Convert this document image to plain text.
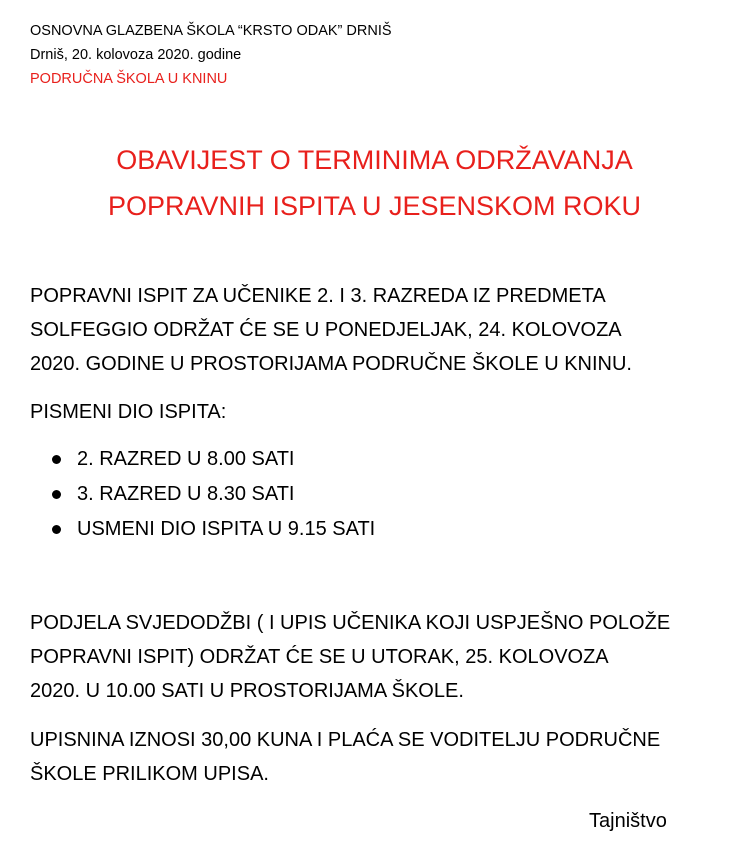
OSNOVNA GLAZBENA ŠKOLA “KRSTO ODAK” DRNIŠ
Drniš, 20. kolovoza 2020. godine
PODRUČNA ŠKOLA U KNINU
OBAVIJEST O TERMINIMA ODRŽAVANJA
POPRAVNIH ISPITA U JESENSKOM ROKU
POPRAVNI ISPIT ZA UČENIKE 2. I 3. RAZREDA IZ PREDMETA
SOLFEGGIO ODRŽAT ĆE SE U PONEDJELJAK, 24. KOLOVOZA
2020. GODINE U PROSTORIJAMA PODRUČNE ŠKOLE U KNINU.
PISMENI DIO ISPITA:
2. RAZRED U 8.00 SATI
3. RAZRED U 8.30 SATI
USMENI DIO ISPITA U 9.15 SATI
PODJELA SVJEDODŽBI ( I UPIS UČENIKA KOJI USPJEŠNO POLOŽE
POPRAVNI ISPIT) ODRŽAT ĆE SE U UTORAK, 25. KOLOVOZA
2020. U 10.00 SATI U PROSTORIJAMA ŠKOLE.
UPISNINA IZNOSI 30,00 KUNA I PLAĆA SE VODITELJU PODRUČNE
ŠKOLE PRILIKOM UPISA.
Tajništvo
